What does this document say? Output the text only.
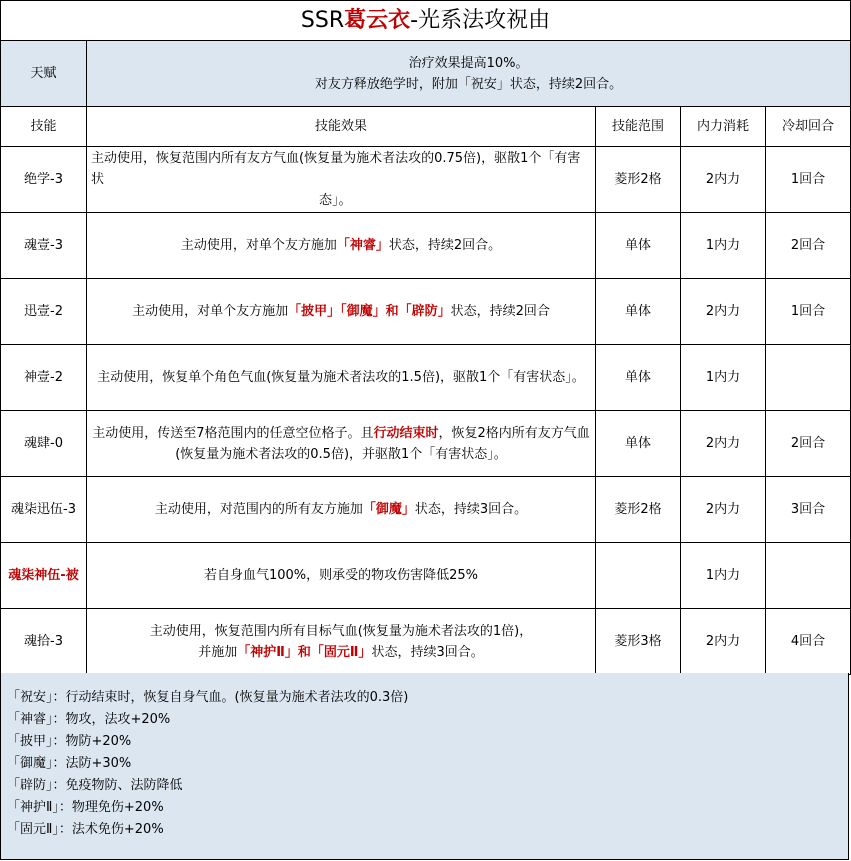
SSR葛云衣-光系法攻祝由
天赋	治疗效果提高10%。
对友方释放绝学时，附加「祝安」状态，持续2回合。			

技能	技能效果	技能范围	内力消耗	冷却回合
绝学-3	主动使用，恢复范围内所有友方气血(恢复量为施术者法攻的0.75倍)，驱散1个「有害状
态」。	菱形2格	2内力	1回合
魂壹-3	主动使用，对单个友方施加「神睿」状态，持续2回合。	单体	1内力	2回合
迅壹-2	主动使用，对单个友方施加「披甲」「御魔」和「辟防」状态，持续2回合	单体	2内力	1回合
神壹-2	主动使用，恢复单个角色气血(恢复量为施术者法攻的1.5倍)，驱散1个「有害状态」。	单体	1内力	
魂肆-0	主动使用，传送至7格范围内的任意空位格子。且行动结束时，恢复2格内所有友方气血
(恢复量为施术者法攻的0.5倍)，并驱散1个「有害状态」。	单体	2内力	2回合
魂柒迅伍-3	主动使用，对范围内的所有友方施加「御魔」状态，持续3回合。	菱形2格	2内力	3回合
魂柒神伍-被	若自身血气100%，则承受的物攻伤害降低25%		1内力	
魂拾-3	主动使用，恢复范围内所有目标气血(恢复量为施术者法攻的1倍)，
并施加「神护Ⅱ」和「固元Ⅱ」状态，持续3回合。	菱形3格	2内力	4回合
「祝安」：行动结束时，恢复自身气血。(恢复量为施术者法攻的0.3倍)
「神睿」：物攻，法攻+20%
「披甲」：物防+20%
「御魔」：法防+30%
「辟防」：免疫物防、法防降低
「神护Ⅱ」：物理免伤+20%
「固元Ⅱ」：法术免伤+20%
